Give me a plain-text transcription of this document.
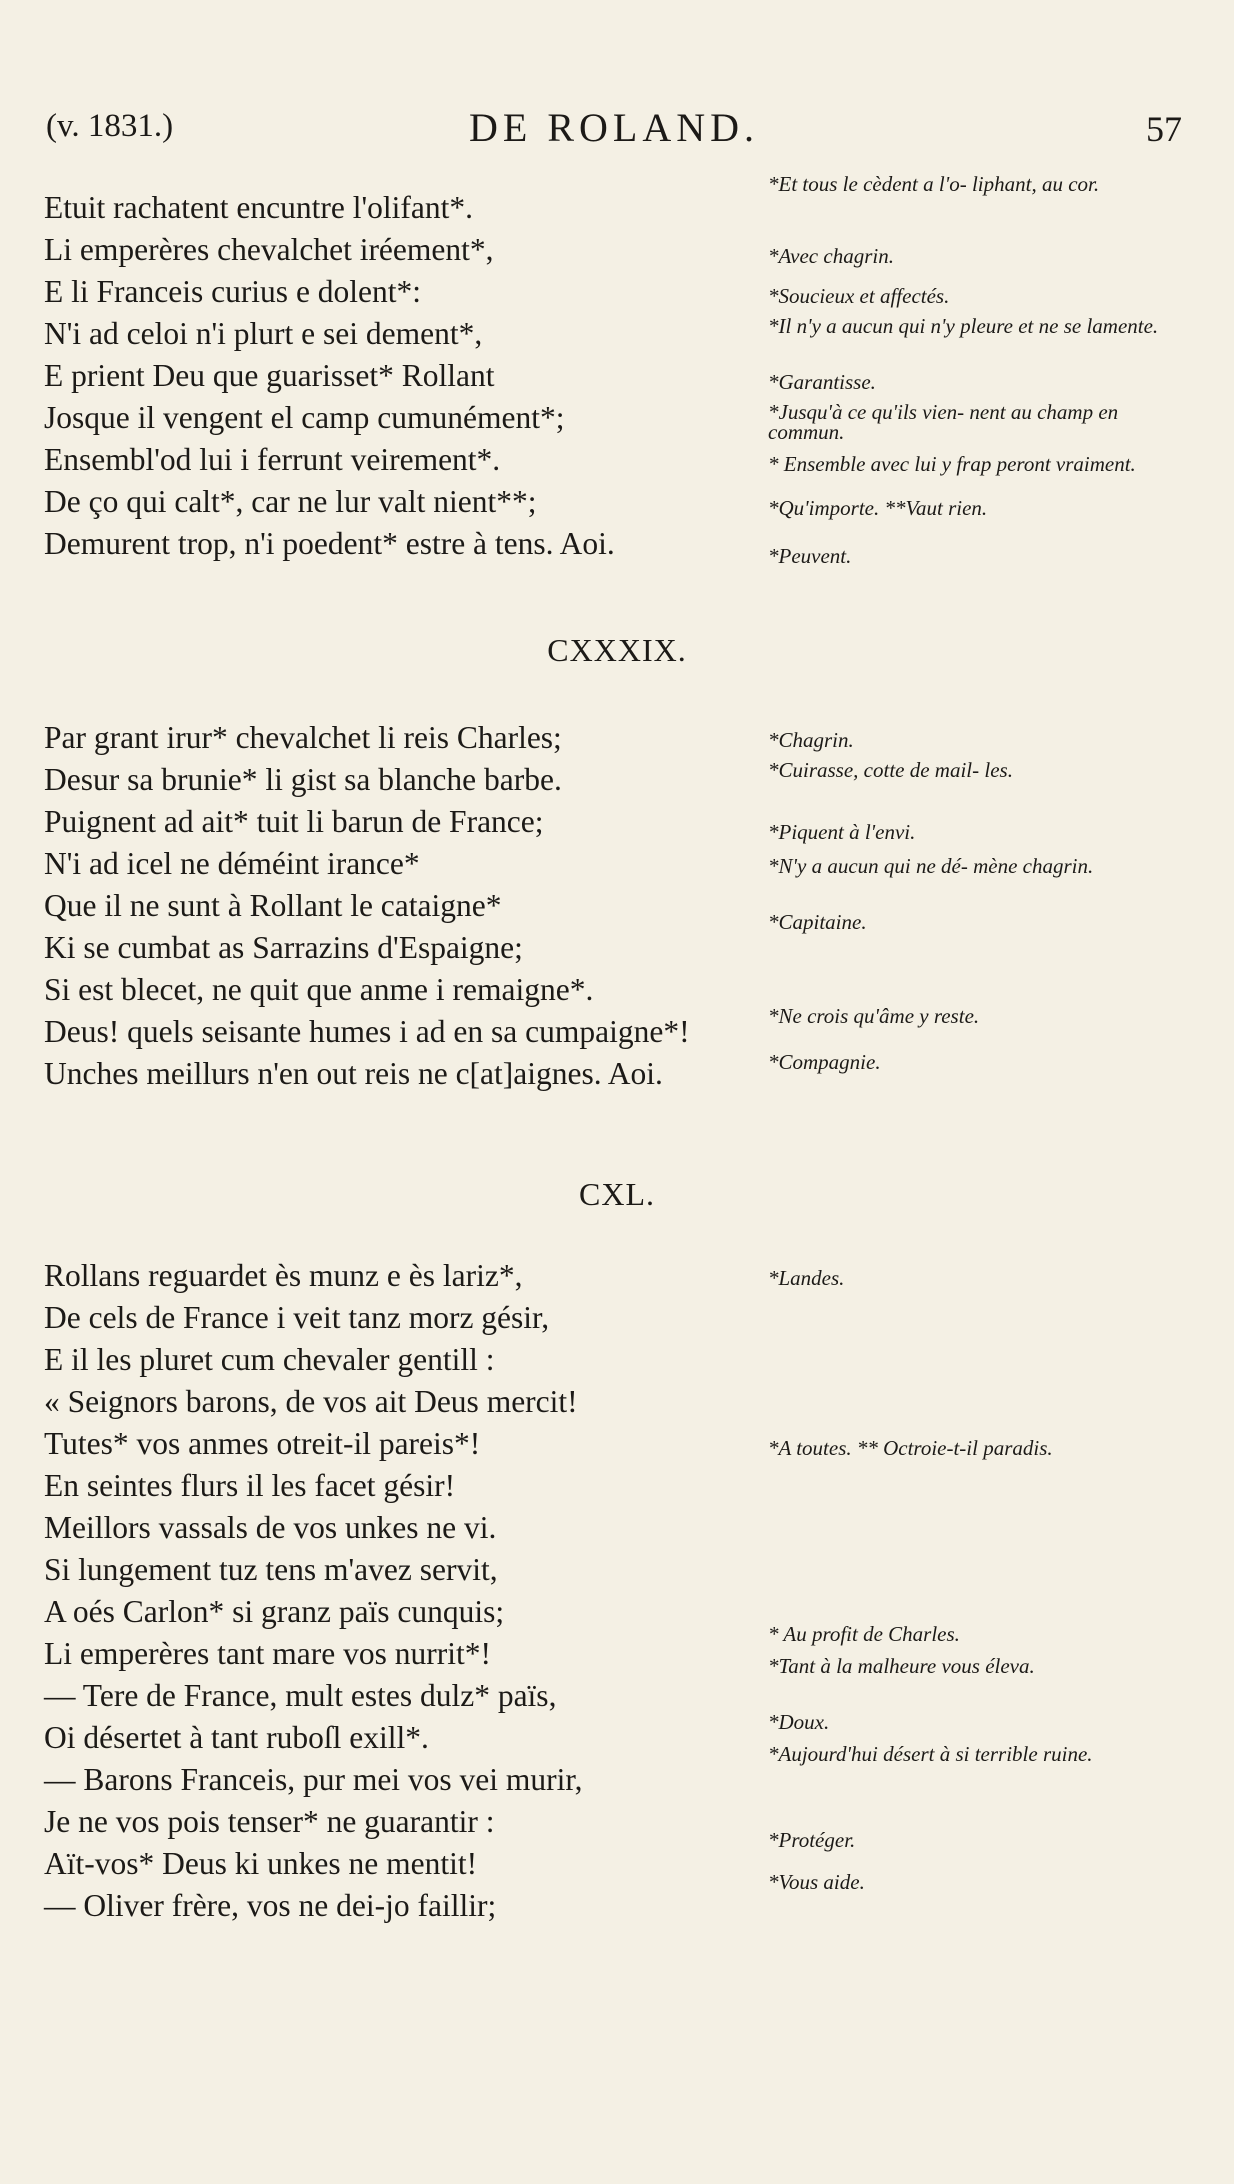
(v. 1831.)	DE ROLAND.	57
Etuit rachatent encuntre l'olifant*.
Li emperères chevalchet iréement*,
E li Franceis curius e dolent*:
N'i ad celoi n'i plurt e sei dement*,
E prient Deu que guarisset* Rollant
Josque il vengent el camp cumunément*;
Ensembl'od lui i ferrunt veirement*.
De ço qui calt*, car ne lur valt nient**;
Demurent trop, n'i poedent* estre à tens. Aoi.
*Et tous le cèdent a l'o- liphant, au cor.
*Avec chagrin.
*Soucieux et affectés.
*Il n'y a aucun qui n'y pleure et ne se lamente.
*Garantisse.
*Jusqu'à ce qu'ils vien- nent au champ en commun.
* Ensemble avec lui y frap peront vraiment.
*Qu'importe. **Vaut rien.
*Peuvent.
CXXXIX.
Par grant irur* chevalchet li reis Charles;
Desur sa brunie* li gist sa blanche barbe.
Puignent ad ait* tuit li barun de France;
N'i ad icel ne déméint irance*
Que il ne sunt à Rollant le cataigne*
Ki se cumbat as Sarrazins d'Espaigne;
Si est blecet, ne quit que anme i remaigne*.
Deus! quels seisante humes i ad en sa cumpaigne*!
Unches meillurs n'en out reis ne c[at]aignes. Aoi.
*Chagrin.
*Cuirasse, cotte de mail- les.
*Piquent à l'envi.
*N'y a aucun qui ne dé- mène chagrin.
*Capitaine.
*Ne crois qu'âme y reste.
*Compagnie.
CXL.
Rollans reguardet ès munz e ès lariz*,
De cels de France i veit tanz morz gésir,
E il les pluret cum chevaler gentill :
« Seignors barons, de vos ait Deus mercit!
Tutes* vos anmes otreit-il pareis*!
En seintes flurs il les facet gésir!
Meillors vassals de vos unkes ne vi.
Si lungement tuz tens m'avez servit,
A oés Carlon* si granz païs cunquis;
Li emperères tant mare vos nurrit*!
— Tere de France, mult estes dulz* païs,
Oi désertet à tant ruboſl exill*.
— Barons Franceis, pur mei vos vei murir,
Je ne vos pois tenser* ne guarantir :
Aït-vos* Deus ki unkes ne mentit!
— Oliver frère, vos ne dei-jo faillir;
*Landes.
*A toutes. ** Octroie-t-il paradis.
* Au profit de Charles.
*Tant à la malheure vous éleva.
*Doux.
*Aujourd'hui désert à si terrible ruine.
*Protéger.
*Vous aide.
